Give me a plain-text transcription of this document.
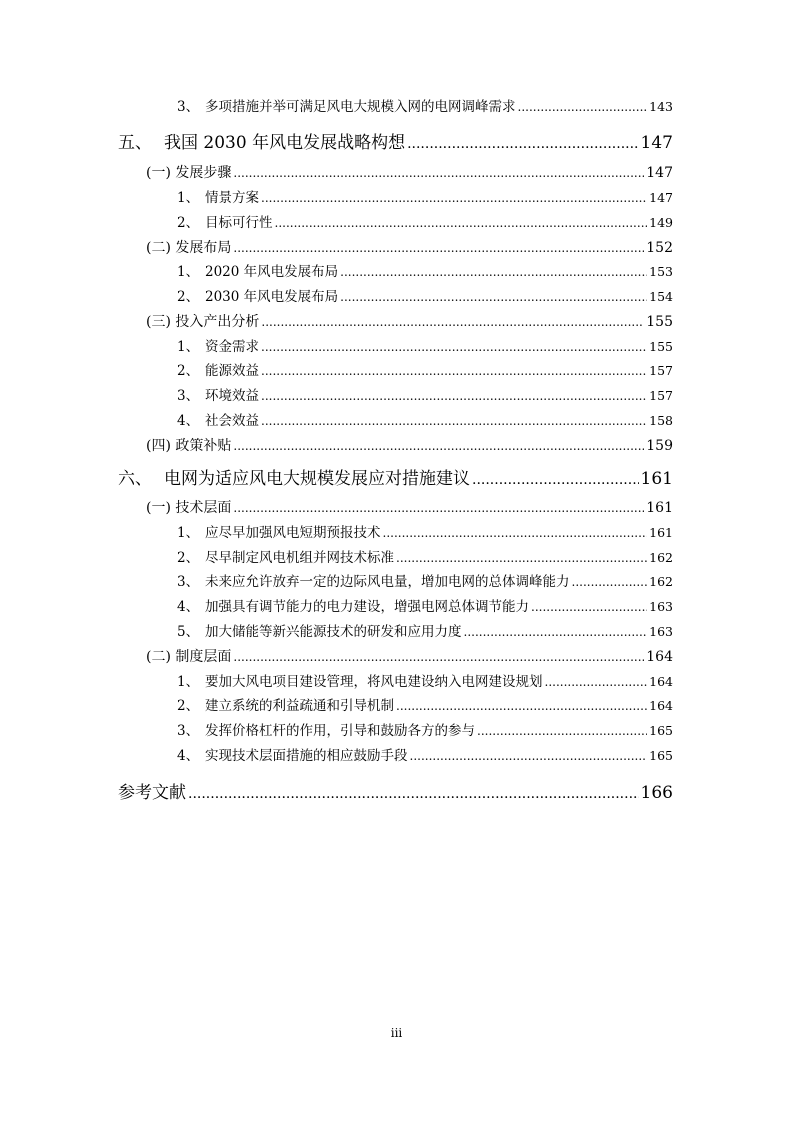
3、 多项措施并举可满足风电大规模入网的电网调峰需求 .....	143
五、 我国 2030 年风电发展战略构想 .....	147
(一) 发展步骤 .....	147
1、 情景方案 .....	147
2、 目标可行性 .....	149
(二) 发展布局 .....	152
1、 2020 年风电发展布局 .....	153
2、 2030 年风电发展布局 .....	154
(三) 投入产出分析 .....	155
1、 资金需求 .....	155
2、 能源效益 .....	157
3、 环境效益 .....	157
4、 社会效益 .....	158
(四) 政策补贴 .....	159
六、 电网为适应风电大规模发展应对措施建议 .....	161
(一) 技术层面 .....	161
1、 应尽早加强风电短期预报技术 .....	161
2、 尽早制定风电机组并网技术标准 .....	162
3、 未来应允许放弃一定的边际风电量，增加电网的总体调峰能力 .....	162
4、 加强具有调节能力的电力建设，增强电网总体调节能力 .....	163
5、 加大储能等新兴能源技术的研发和应用力度 .....	163
(二) 制度层面 .....	164
1、 要加大风电项目建设管理，将风电建设纳入电网建设规划 .....	164
2、 建立系统的利益疏通和引导机制 .....	164
3、 发挥价格杠杆的作用，引导和鼓励各方的参与 .....	165
4、 实现技术层面措施的相应鼓励手段 .....	165
参考文献 .....	166
iii
